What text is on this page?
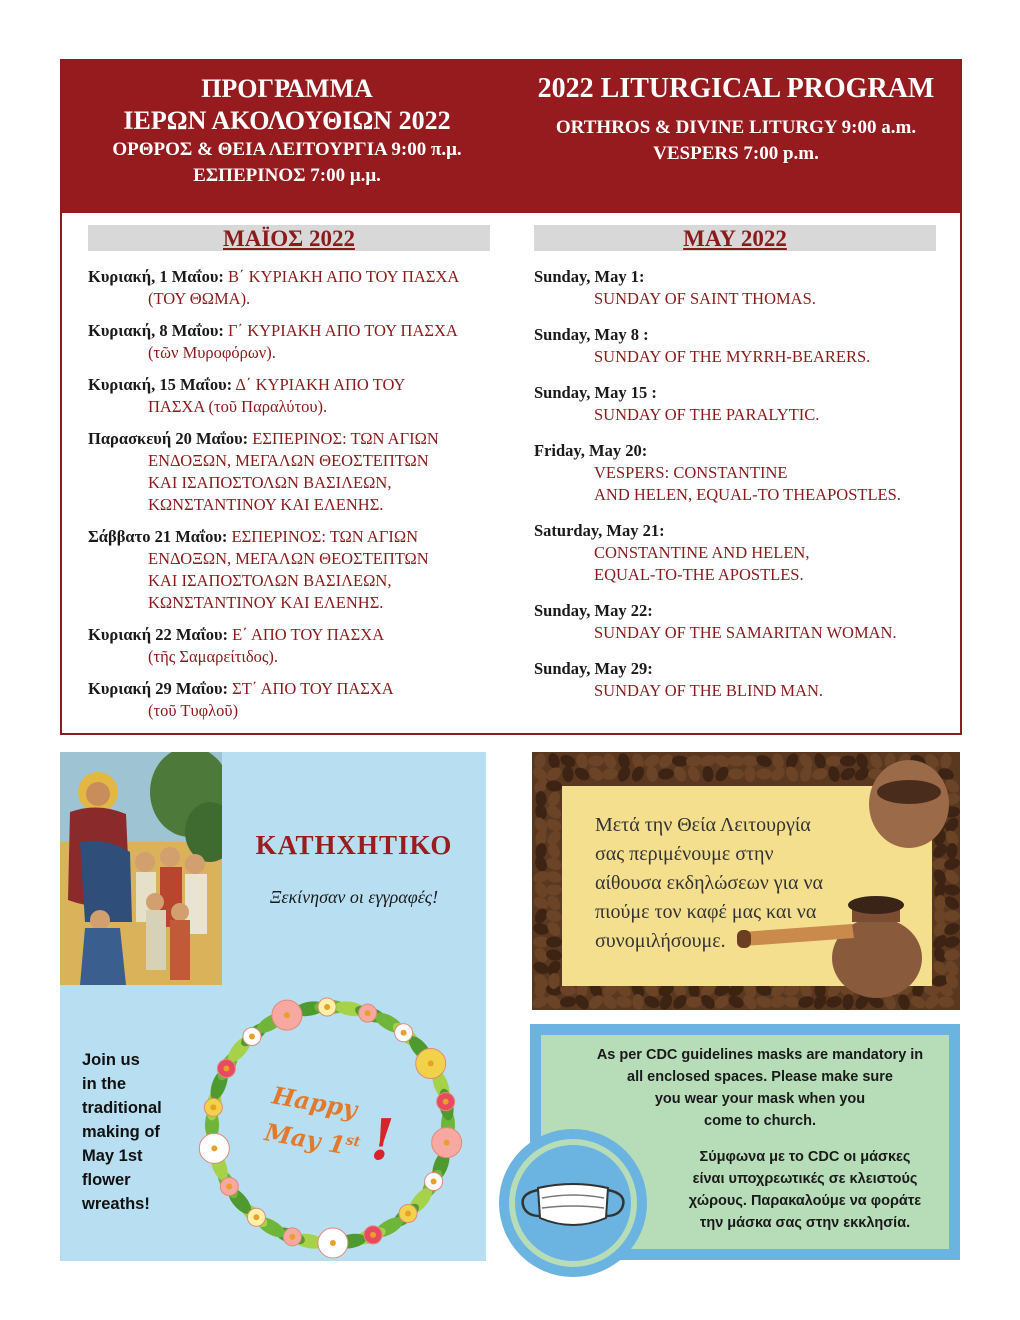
ΠΡΟΓΡΑΜΜΑ
ΙΕΡΩΝ ΑΚΟΛΟΥΘΙΩΝ 2022
ΟΡΘΡΟΣ & ΘΕΙΑ ΛΕΙΤΟΥΡΓΙΑ 9:00 π.μ.
ΕΣΠΕΡΙΝΟΣ 7:00 μ.μ.
2022 LITURGICAL PROGRAM
ORTHROS & DIVINE LITURGY 9:00 a.m.
VESPERS 7:00 p.m.
ΜΑΪΟΣ 2022	MAY 2022
Κυριακή, 1 Μαΐου: Β΄ ΚΥΡΙΑΚΗ ΑΠΟ ΤΟΥ ΠΑΣΧΑ
(ΤΟΥ ΘΩΜΑ).
Κυριακή, 8 Μαΐου: Γ΄ ΚΥΡΙΑΚΗ ΑΠΟ ΤΟΥ ΠΑΣΧΑ
(τῶν Μυροφόρων).
Κυριακή, 15 Μαΐου: Δ΄ ΚΥΡΙΑΚΗ ΑΠΟ ΤΟΥ
ΠΑΣΧΑ (τοῦ Παραλύτου).
Παρασκευή 20 Μαΐου: ΕΣΠΕΡΙΝΟΣ: ΤΩΝ ΑΓΙΩΝ
ΕΝΔΟΞΩΝ, ΜΕΓΑΛΩΝ ΘΕΟΣΤΕΠΤΩΝ
ΚΑΙ ΙΣΑΠΟΣΤΟΛΩΝ ΒΑΣΙΛΕΩΝ,
ΚΩΝΣΤΑΝΤΙΝΟΥ ΚΑΙ ΕΛΕΝΗΣ.
Σάββατο 21 Μαΐου: ΕΣΠΕΡΙΝΟΣ: ΤΩΝ ΑΓΙΩΝ
ΕΝΔΟΞΩΝ, ΜΕΓΑΛΩΝ ΘΕΟΣΤΕΠΤΩΝ
ΚΑΙ ΙΣΑΠΟΣΤΟΛΩΝ ΒΑΣΙΛΕΩΝ,
ΚΩΝΣΤΑΝΤΙΝΟΥ ΚΑΙ ΕΛΕΝΗΣ.
Κυριακή 22 Μαΐου: Ε΄ ΑΠΟ ΤΟΥ ΠΑΣΧΑ
(τῆς Σαμαρείτιδος).
Κυριακή 29 Μαΐου: ΣΤ΄ ΑΠΟ ΤΟΥ ΠΑΣΧΑ
(τοῦ Τυφλοῦ)
Sunday, May 1:
SUNDAY OF SAINT THOMAS.
Sunday, May 8 :
SUNDAY OF THE MYRRH-BEARERS.
Sunday, May 15 :
SUNDAY OF THE PARALYTIC.
Friday, May 20:
VESPERS: CONSTANTINE
AND HELEN, EQUAL-TO THEAPOSTLES.
Saturday, May 21:
CONSTANTINE AND HELEN,
EQUAL-TO-THE APOSTLES.
Sunday, May 22:
SUNDAY OF THE SAMARITAN WOMAN.
Sunday, May 29:
SUNDAY OF THE BLIND MAN.
ΚΑΤΗΧΗΤΙΚΟ
Ξεκίνησαν οι εγγραφές!
Join us
in the
traditional
making of
May 1st
flower
wreaths!
Happy
May 1st !
Μετά την Θεία Λειτουργία
σας περιμένουμε στην
αίθουσα εκδηλώσεων για να
πιούμε τον καφέ μας και να
συνομιλήσουμε.
As per CDC guidelines masks are mandatory in
all enclosed spaces. Please make sure
you wear your mask when you
come to church.
Σύμφωνα με το CDC οι μάσκες
είναι υποχρεωτικές σε κλειστούς
χώρους. Παρακαλούμε να φοράτε
την μάσκα σας στην εκκλησία.
